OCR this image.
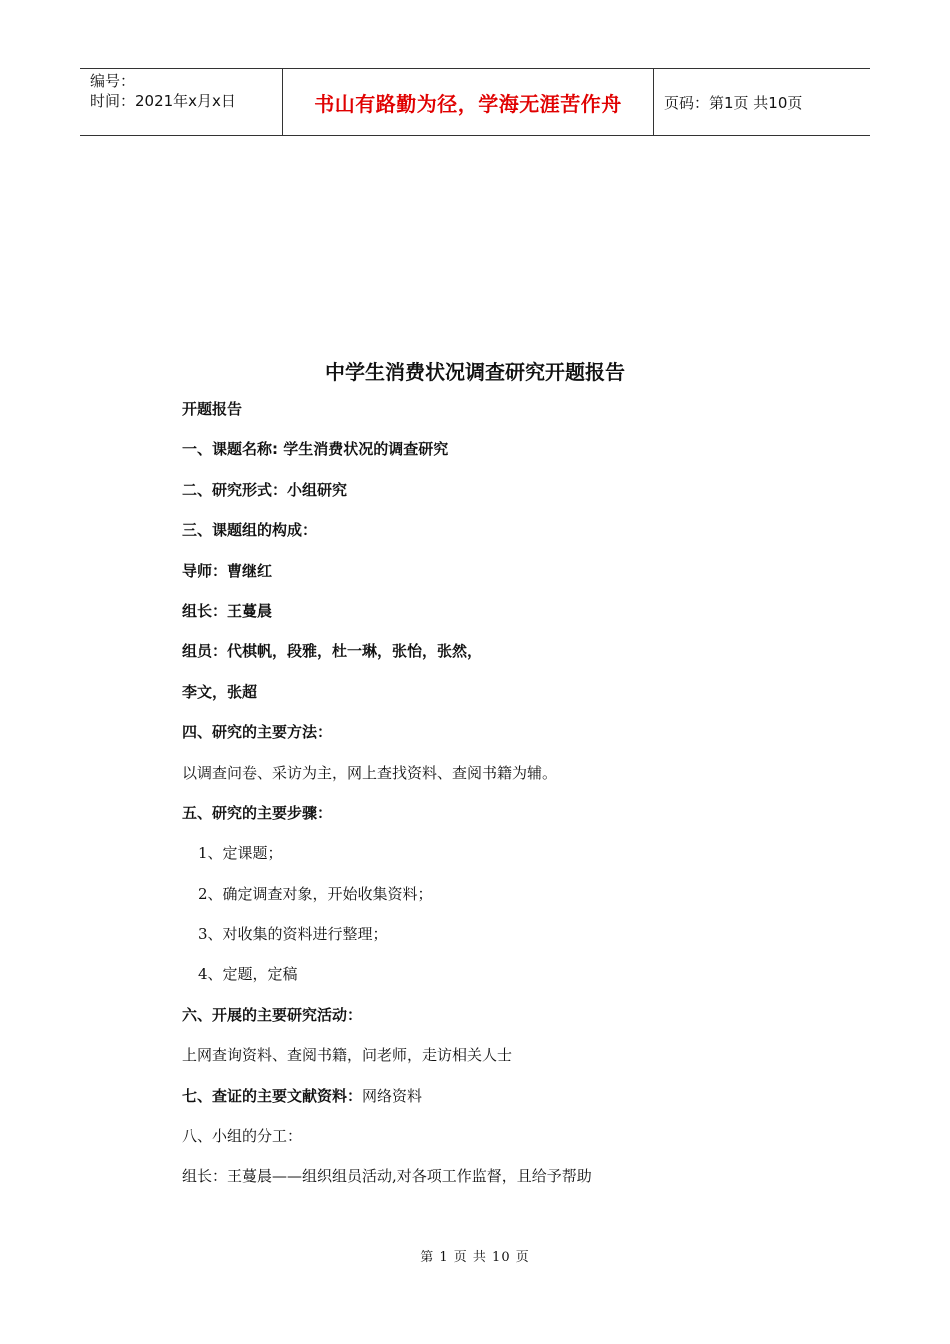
编号：
时间：2021年x月x日	书山有路勤为径，学海无涯苦作舟	页码：第1页 共10页
中学生消费状况调查研究开题报告
开题报告
一、课题名称: 学生消费状况的调查研究
二、研究形式：小组研究
三、课题组的构成：
导师：曹继红
组长：王蔓晨
组员：代棋帆，段雅，杜一琳，张怡，张然，
李文，张超
四、研究的主要方法：
以调查问卷、采访为主，网上查找资料、查阅书籍为辅。
五、研究的主要步骤：
1、定课题；
2、确定调查对象，开始收集资料；
3、对收集的资料进行整理；
4、定题，定稿
六、开展的主要研究活动：
上网查询资料、查阅书籍，问老师，走访相关人士
七、查证的主要文献资料：网络资料
八、小组的分工：
组长：王蔓晨——组织组员活动,对各项工作监督，且给予帮助
第 1 页 共 10 页
